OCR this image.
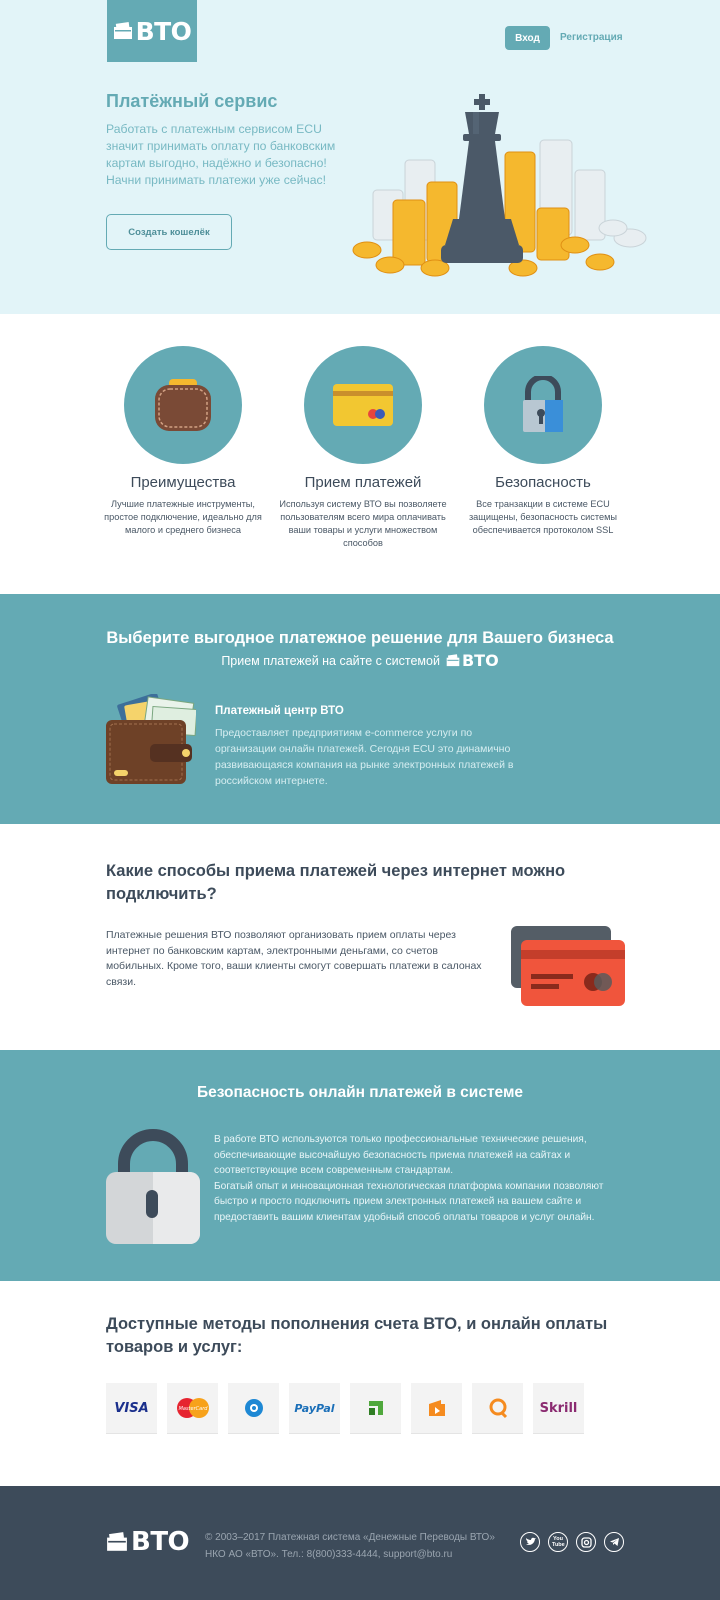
ВТО	Вход	Регистрация
Платёжный сервис

Работать с платежным сервисом ECU значит принимать оплату по банковским картам выгодно, надёжно и безопасно! Начни принимать платежи уже сейчас!

Создать кошелёк
Преимущества
Лучшие платежные инструменты, простое подключение, идеально для малого и среднего бизнеса
Прием платежей
Используя систему ВТО вы позволяете пользователям всего мира оплачивать ваши товары и услуги множеством способов
Безопасность
Все транзакции в системе ECU защищены, безопасность системы обеспечивается протоколом SSL
Выберите выгодное платежное решение для Вашего бизнеса
Прием платежей на сайте с системой ВТО
Платежный центр ВТО

Предоставляет предприятиям e-commerce услуги по организации онлайн платежей. Сегодня ECU это динамично развивающаяся компания на рынке электронных платежей в российском интернете.

Какие способы приема платежей через интернет можно подключить?

Платежные решения ВТО позволяют организовать прием оплаты через интернет по банковским картам, электронными деньгами, со счетов мобильных. Кроме того, ваши клиенты смогут совершать платежи в салонах связи.

Безопасность онлайн платежей в системе

В работе ВТО используются только профессиональные технические решения, обеспечивающие высочайшую безопасность приема платежей на сайтах и соответствующие всем современным стандартам.

Богатый опыт и инновационная технологическая платформа компании позволяют быстро и просто подключить прием электронных платежей на вашем сайте и предоставить вашим клиентам удобный способ оплаты товаров и услуг онлайн.

Доступные методы пополнения счета ВТО, и онлайн оплаты товаров и услуг:
VISA	MasterCard	PayPal	Skrill
ВТО © 2003–2017 Платежная система «Денежные Переводы ВТО»
НКО АО «ВТО». Тел.: 8(800)333-4444, support@bto.ru
You Tube
